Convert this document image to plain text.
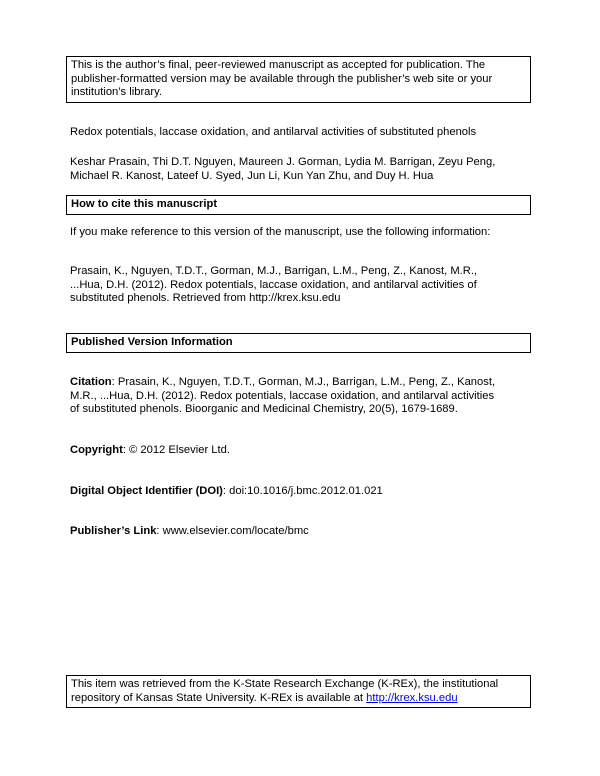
This is the author’s final, peer-reviewed manuscript as accepted for publication. The
publisher-formatted version may be available through the publisher’s web site or your
institution’s library.

Redox potentials, laccase oxidation, and antilarval activities of substituted phenols

Keshar Prasain, Thi D.T. Nguyen, Maureen J. Gorman, Lydia M. Barrigan, Zeyu Peng,
Michael R. Kanost, Lateef U. Syed, Jun Li, Kun Yan Zhu, and Duy H. Hua
How to cite this manuscript

If you make reference to this version of the manuscript, use the following information:

Prasain, K., Nguyen, T.D.T., Gorman, M.J., Barrigan, L.M., Peng, Z., Kanost, M.R.,
...Hua, D.H. (2012). Redox potentials, laccase oxidation, and antilarval activities of
substituted phenols. Retrieved from http://krex.ksu.edu
Published Version Information
Citation: Prasain, K., Nguyen, T.D.T., Gorman, M.J., Barrigan, L.M., Peng, Z., Kanost,
M.R., ...Hua, D.H. (2012). Redox potentials, laccase oxidation, and antilarval activities
of substituted phenols. Bioorganic and Medicinal Chemistry, 20(5), 1679-1689.
Copyright: © 2012 Elsevier Ltd.
Digital Object Identifier (DOI): doi:10.1016/j.bmc.2012.01.021
Publisher’s Link: www.elsevier.com/locate/bmc
This item was retrieved from the K-State Research Exchange (K-REx), the institutional
repository of Kansas State University. K-REx is available at http://krex.ksu.edu
